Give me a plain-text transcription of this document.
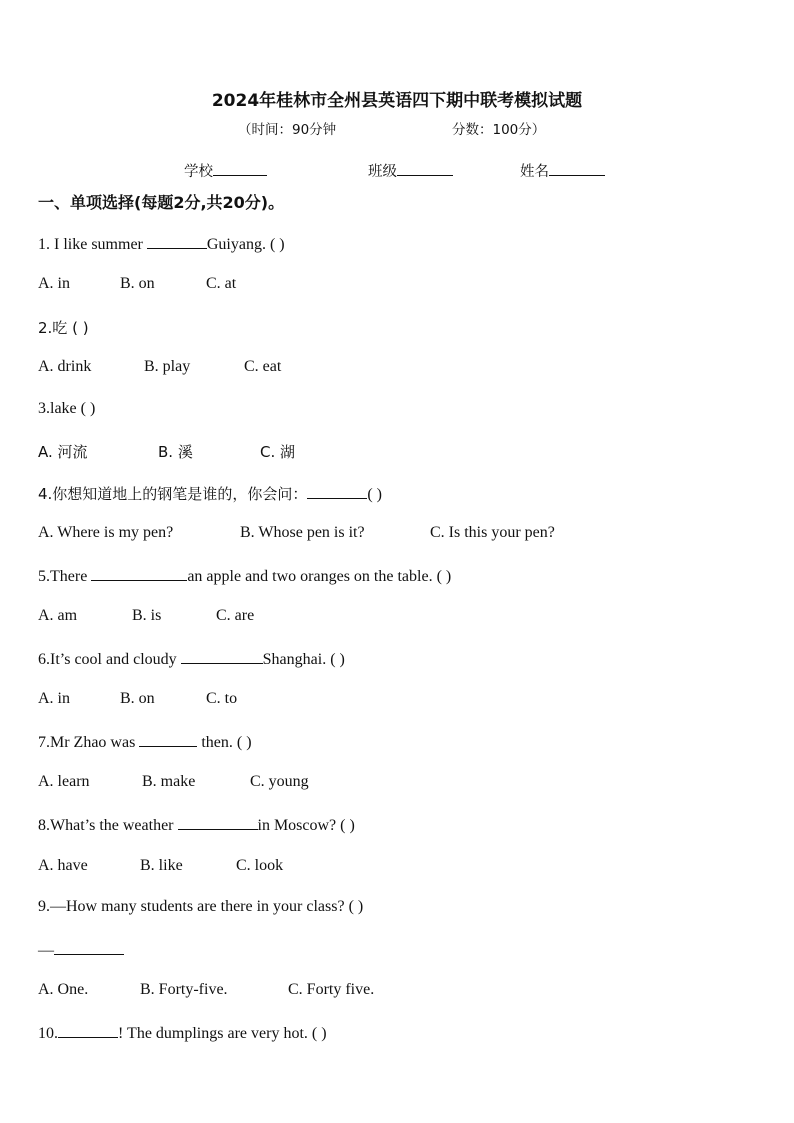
2024年桂林市全州县英语四下期中联考模拟试题
（时间：90分钟	分数：100分）
学校	班级	姓名
一、单项选择(每题2分,共20分)。
1. I like summer	Guiyang. ( )
A. in	B. on	C. at
2.吃 ( )
A. drink	B. play	C. eat
3.lake ( )
A. 河流	B. 溪	C. 湖
4.你想知道地上的钢笔是谁的，你会问：	( )
A. Where is my pen?	B. Whose pen is it?	C. Is this your pen?
5.There	an apple and two oranges on the table. ( )
A. am	B. is	C. are
6.It’s cool and cloudy	Shanghai. ( )
A. in	B. on	C. to
7.Mr Zhao was	then. ( )
A. learn	B. make	C. young
8.What’s the weather	in Moscow? ( )
A. have	B. like	C. look
9.—How many students are there in your class? ( )
—
A. One.	B. Forty-five.	C. Forty five.
10.	! The dumplings are very hot. ( )
